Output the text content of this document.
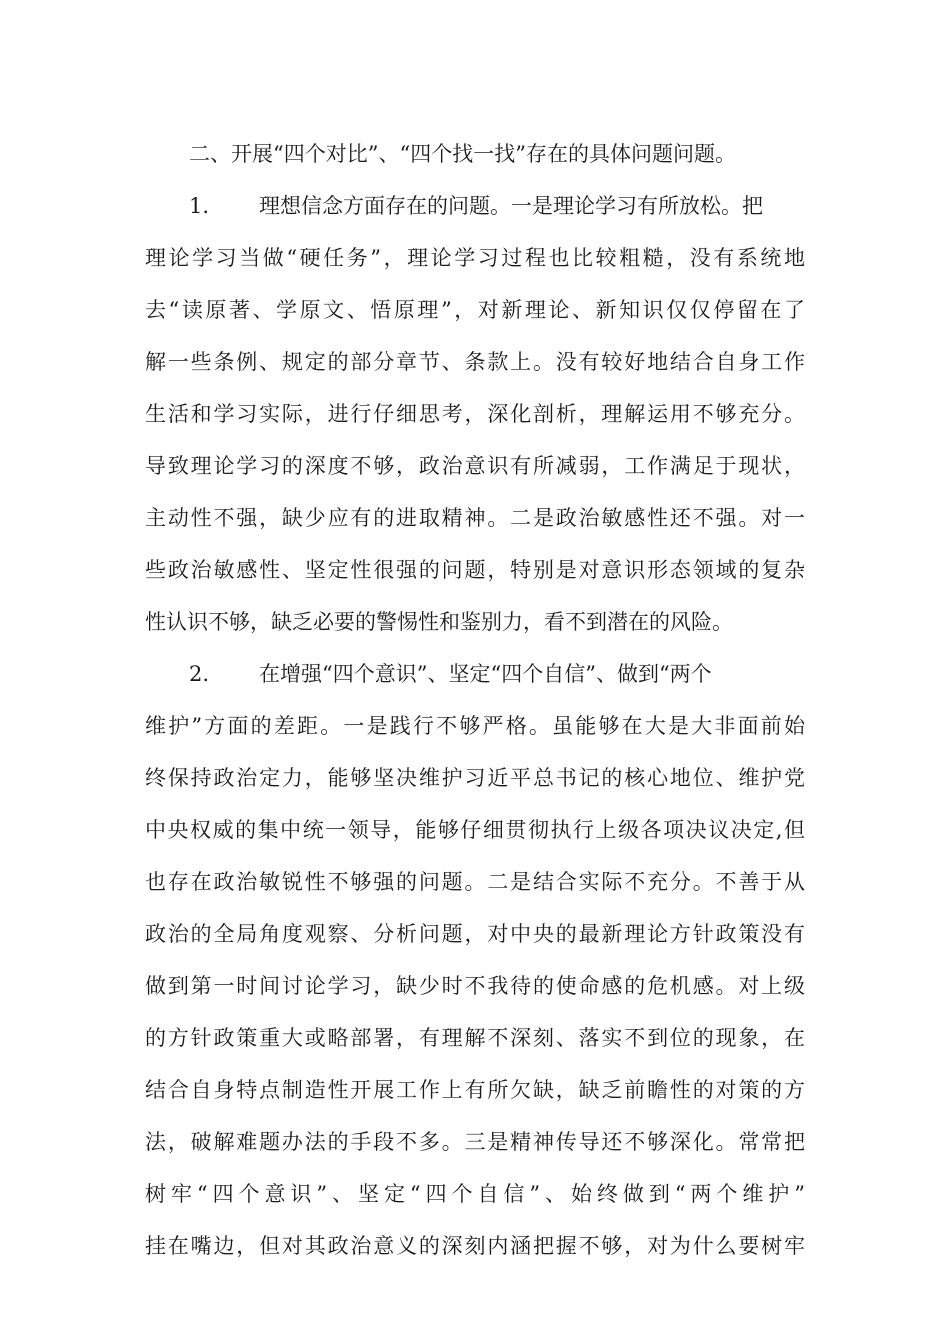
二、开展“四个对比”、“四个找一找”存在的具体问题问题。
1. 理想信念方面存在的问题。一是理论学习有所放松。把
理论学习当做“硬任务”，理论学习过程也比较粗糙，没有系统地
去“读原著、学原文、悟原理”，对新理论、新知识仅仅停留在了
解一些条例、规定的部分章节、条款上。没有较好地结合自身工作
生活和学习实际，进行仔细思考，深化剖析，理解运用不够充分。
导致理论学习的深度不够，政治意识有所减弱，工作满足于现状，
主动性不强，缺少应有的进取精神。二是政治敏感性还不强。对一
些政治敏感性、坚定性很强的问题，特别是对意识形态领域的复杂
性认识不够，缺乏必要的警惕性和鉴别力，看不到潜在的风险。
2. 在增强“四个意识”、坚定“四个自信”、做到“两个
维护”方面的差距。一是践行不够严格。虽能够在大是大非面前始
终保持政治定力，能够坚决维护习近平总书记的核心地位、维护党
中央权威的集中统一领导，能够仔细贯彻执行上级各项决议决定,但
也存在政治敏锐性不够强的问题。二是结合实际不充分。不善于从
政治的全局角度观察、分析问题，对中央的最新理论方针政策没有
做到第一时间讨论学习，缺少时不我待的使命感的危机感。对上级
的方针政策重大或略部署，有理解不深刻、落实不到位的现象，在
结合自身特点制造性开展工作上有所欠缺，缺乏前瞻性的对策的方
法，破解难题办法的手段不多。三是精神传导还不够深化。常常把
树牢“四个意识”、坚定“四个自信”、始终做到“两个维护”
挂在嘴边，但对其政治意义的深刻内涵把握不够，对为什么要树牢
